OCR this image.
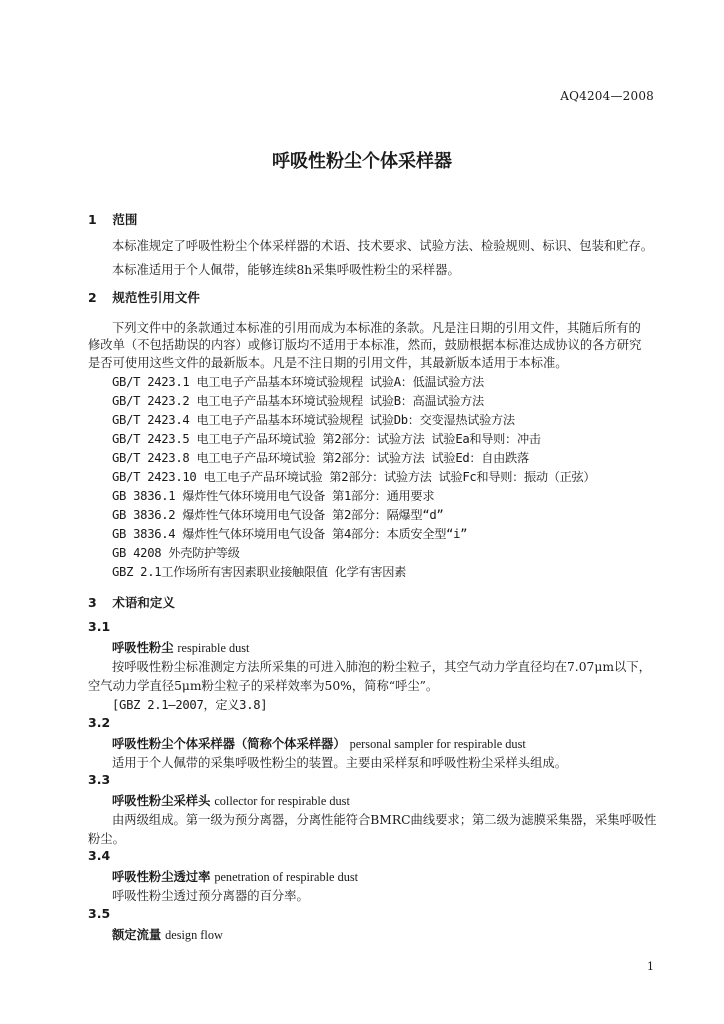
AQ4204—2008
呼吸性粉尘个体采样器
1 范围
本标准规定了呼吸性粉尘个体采样器的术语、技术要求、试验方法、检验规则、标识、包装和贮存。
本标准适用于个人佩带，能够连续8h采集呼吸性粉尘的采样器。
2 规范性引用文件
下列文件中的条款通过本标准的引用而成为本标准的条款。凡是注日期的引用文件，其随后所有的
修改单（不包括勘误的内容）或修订版均不适用于本标准，然而，鼓励根据本标准达成协议的各方研究
是否可使用这些文件的最新版本。凡是不注日期的引用文件，其最新版本适用于本标准。
GB/T 2423.1 电工电子产品基本环境试验规程 试验A：低温试验方法
GB/T 2423.2 电工电子产品基本环境试验规程 试验B：高温试验方法
GB/T 2423.4 电工电子产品基本环境试验规程 试验Db：交变湿热试验方法
GB/T 2423.5 电工电子产品环境试验 第2部分：试验方法 试验Ea和导则：冲击
GB/T 2423.8 电工电子产品环境试验 第2部分：试验方法 试验Ed：自由跌落
GB/T 2423.10 电工电子产品环境试验 第2部分：试验方法 试验Fc和导则：振动（正弦）
GB 3836.1 爆炸性气体环境用电气设备 第1部分：通用要求
GB 3836.2 爆炸性气体环境用电气设备 第2部分：隔爆型“d”
GB 3836.4 爆炸性气体环境用电气设备 第4部分：本质安全型“i”
GB 4208 外壳防护等级
GBZ 2.1工作场所有害因素职业接触限值 化学有害因素
3 术语和定义
3.1
呼吸性粉尘 respirable dust
按呼吸性粉尘标准测定方法所采集的可进入肺泡的粉尘粒子，其空气动力学直径均在7.07μm以下，
空气动力学直径5μm粉尘粒子的采样效率为50%，简称“呼尘”。
[GBZ 2.1—2007，定义3.8]
3.2
呼吸性粉尘个体采样器（简称个体采样器） personal sampler for respirable dust
适用于个人佩带的采集呼吸性粉尘的装置。主要由采样泵和呼吸性粉尘采样头组成。
3.3
呼吸性粉尘采样头 collector for respirable dust
由两级组成。第一级为预分离器，分离性能符合BMRC曲线要求；第二级为滤膜采集器，采集呼吸性
粉尘。
3.4
呼吸性粉尘透过率 penetration of respirable dust
呼吸性粉尘透过预分离器的百分率。
3.5
额定流量 design flow
1
